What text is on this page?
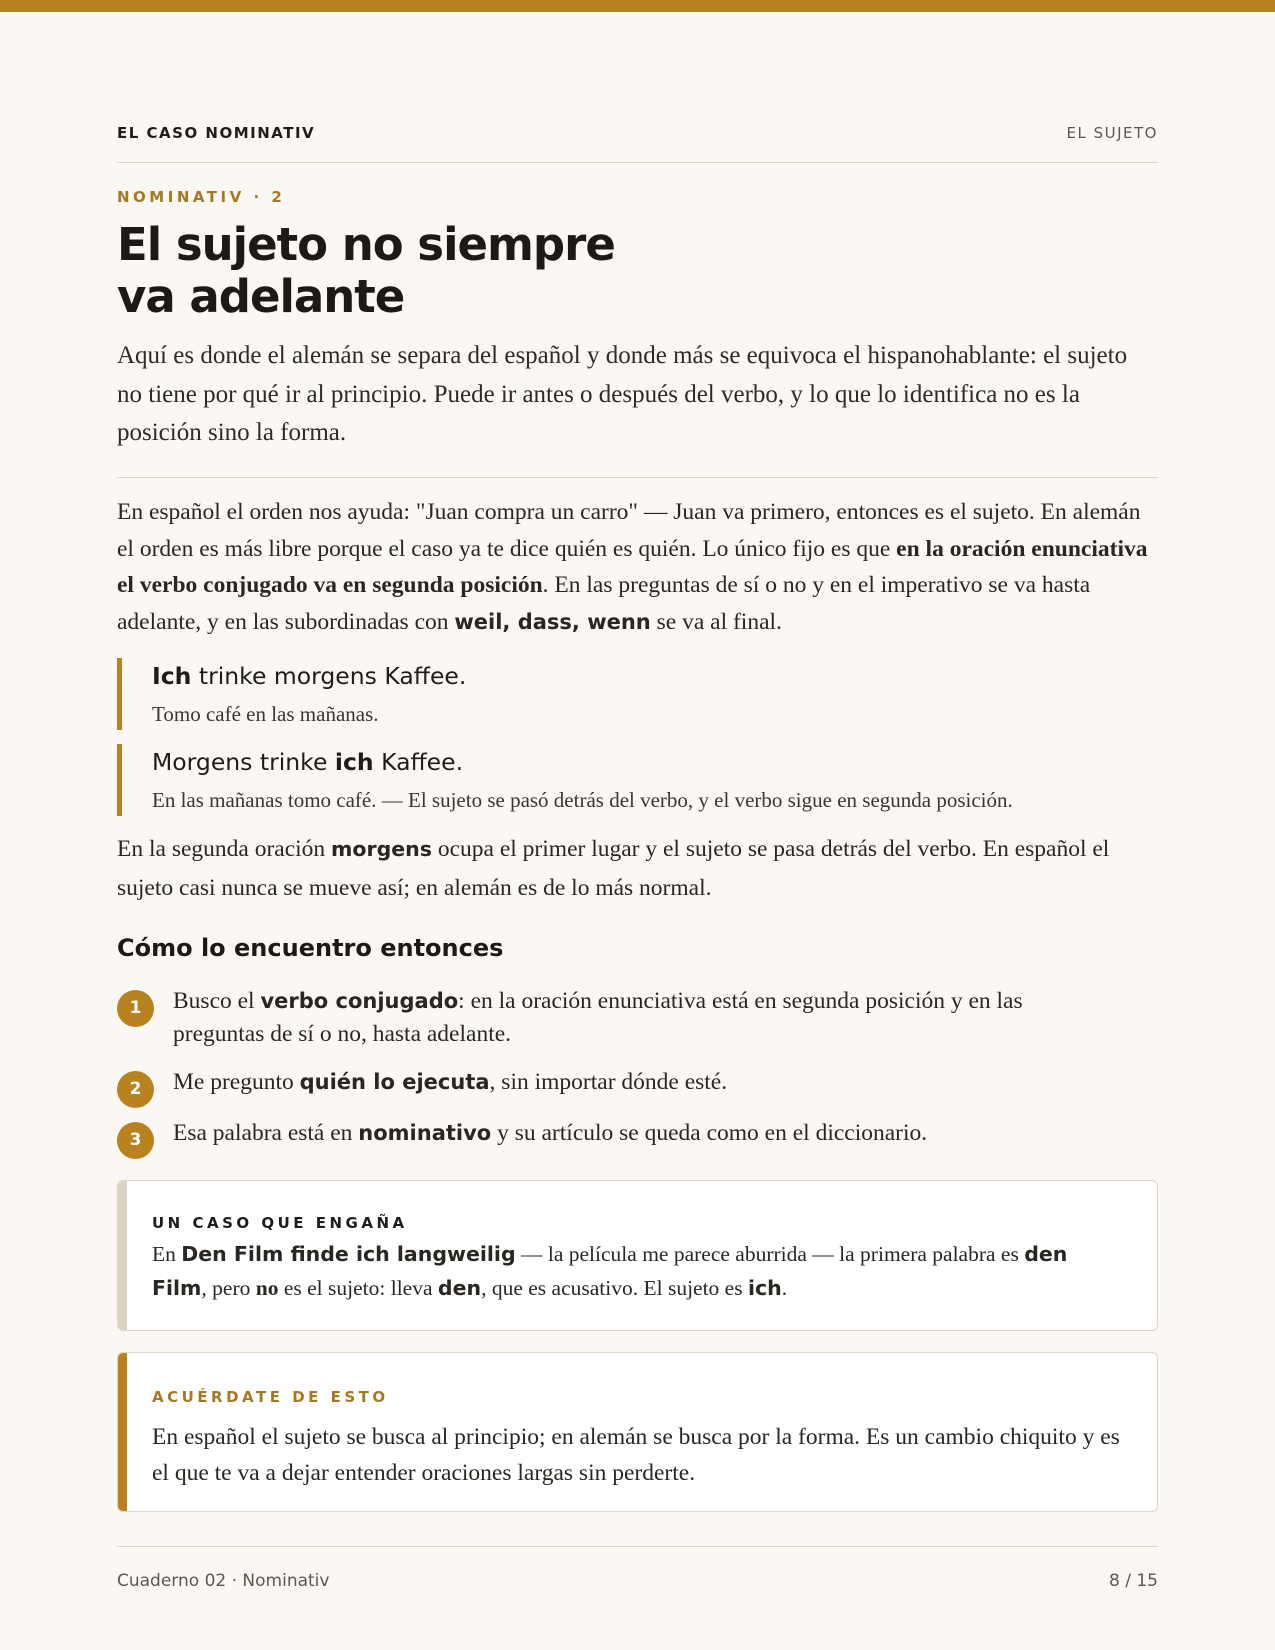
EL CASO NOMINATIV	EL SUJETO
NOMINATIV · 2
El sujeto no siempre
va adelante

Aquí es donde el alemán se separa del español y donde más se equivoca el hispanohablante: el sujeto no tiene por qué ir al principio. Puede ir antes o después del verbo, y lo que lo identifica no es la posición sino la forma.

En español el orden nos ayuda: "Juan compra un carro" — Juan va primero, entonces es el sujeto. En alemán el orden es más libre porque el caso ya te dice quién es quién. Lo único fijo es que en la oración enunciativa el verbo conjugado va en segunda posición. En las preguntas de sí o no y en el imperativo se va hasta adelante, y en las subordinadas con weil, dass, wenn se va al final.

Ich trinke morgens Kaffee.
Tomo café en las mañanas.
Morgens trinke ich Kaffee.
En las mañanas tomo café. — El sujeto se pasó detrás del verbo, y el verbo sigue en segunda posición.

En la segunda oración morgens ocupa el primer lugar y el sujeto se pasa detrás del verbo. En español el sujeto casi nunca se mueve así; en alemán es de lo más normal.

Cómo lo encuentro entonces
1	Busco el verbo conjugado: en la oración enunciativa está en segunda posición y en las preguntas de sí o no, hasta adelante.
2	Me pregunto quién lo ejecuta, sin importar dónde esté.
3	Esa palabra está en nominativo y su artículo se queda como en el diccionario.
UN CASO QUE ENGAÑA

En Den Film finde ich langweilig — la película me parece aburrida — la primera palabra es den Film, pero no es el sujeto: lleva den, que es acusativo. El sujeto es ich.

ACUÉRDATE DE ESTO

En español el sujeto se busca al principio; en alemán se busca por la forma. Es un cambio chiquito y es el que te va a dejar entender oraciones largas sin perderte.

Cuaderno 02 · Nominativ	8 / 15
